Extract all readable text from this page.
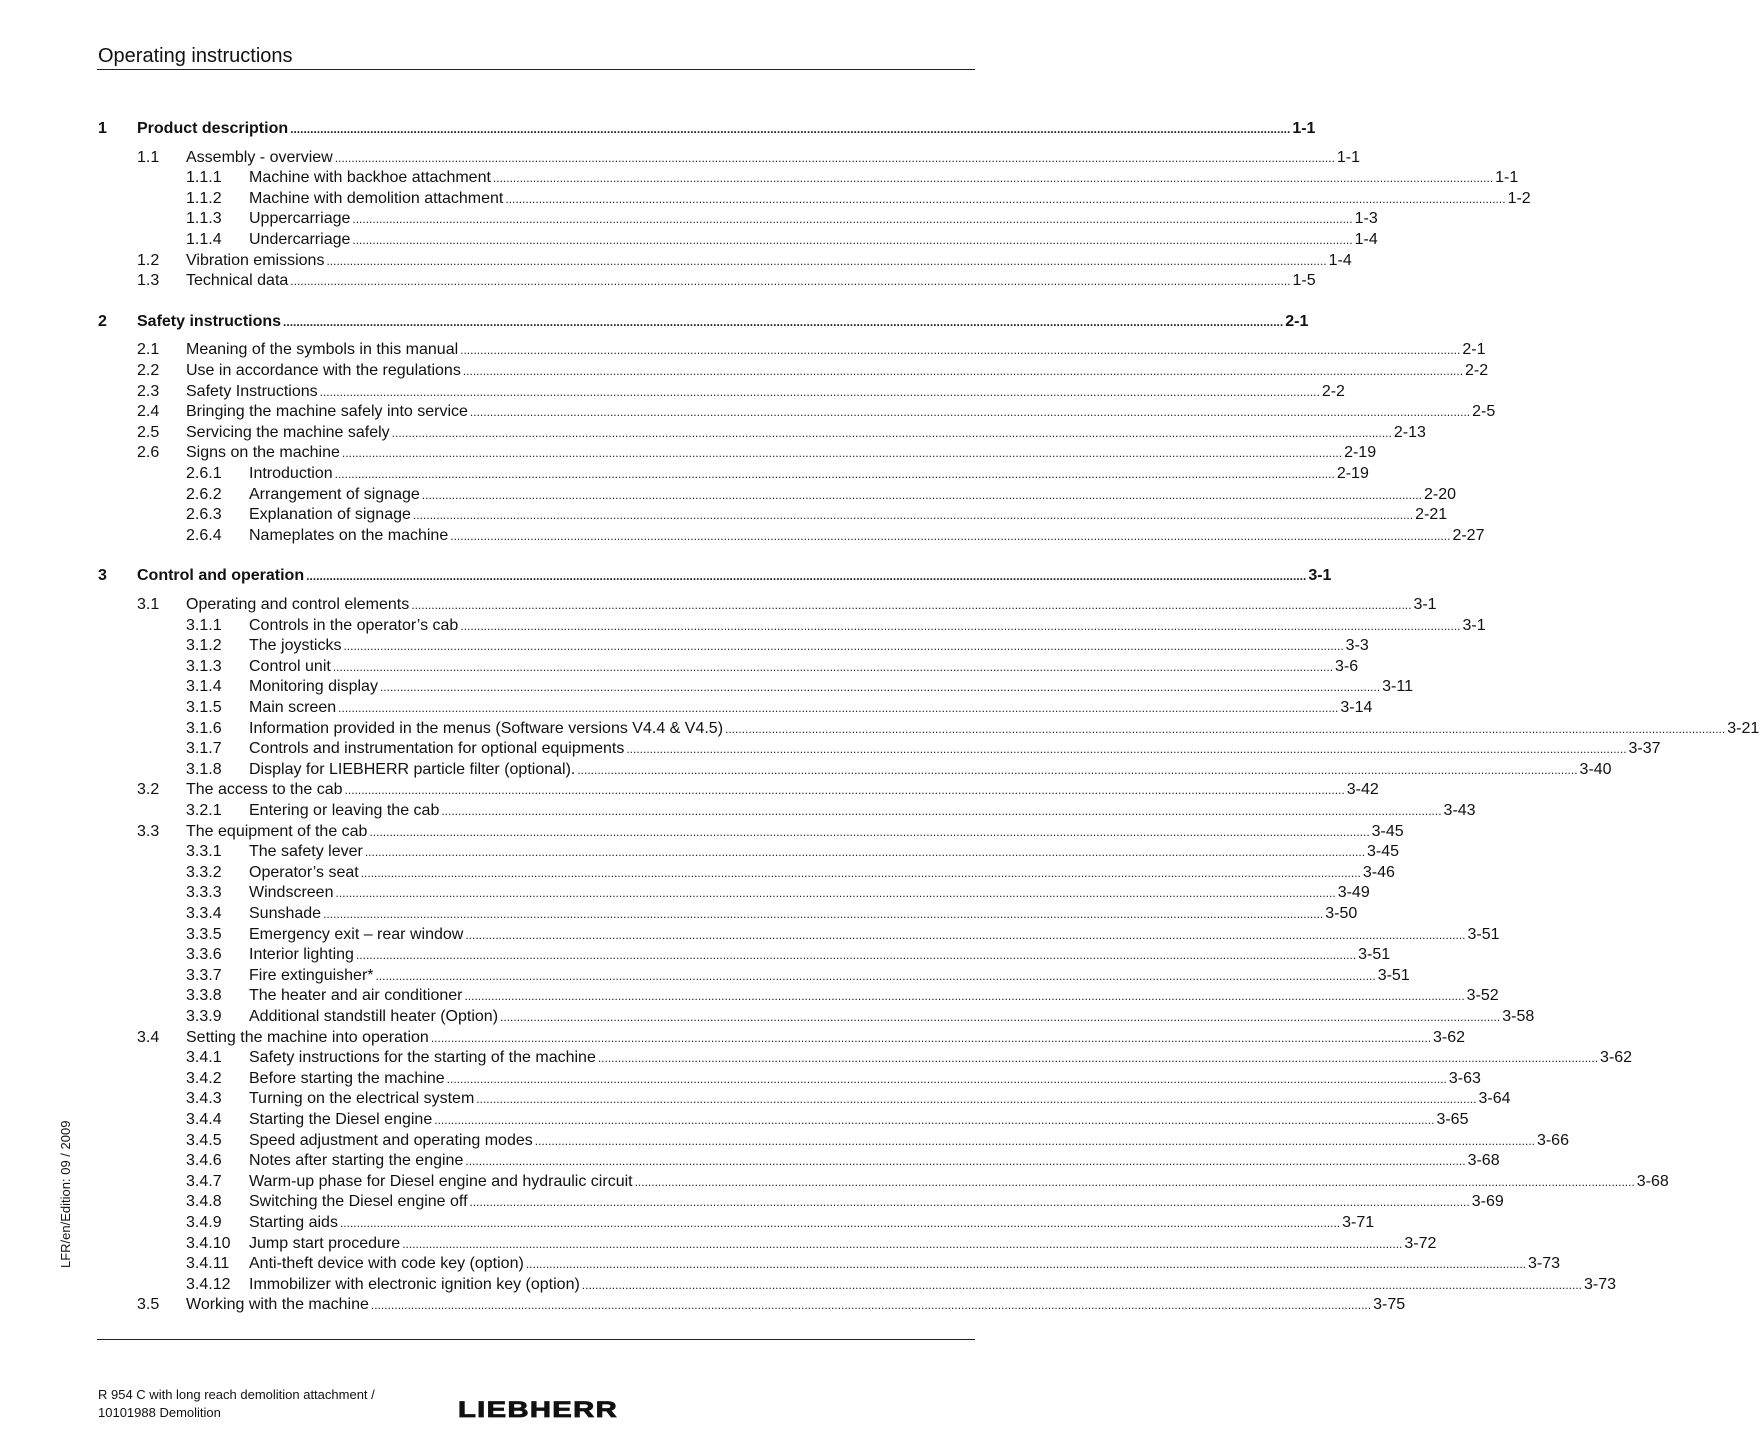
Operating instructions
1 Product description ............................................................................................................................................................................................................................................................................................................ 1-1
1.1 Assembly - overview ............................................................................................................................................................................................................................................................................................................ 1-1
1.1.1 Machine with backhoe attachment ............................................................................................................................................................................................................................................................................................................ 1-1
1.1.2 Machine with demolition attachment ............................................................................................................................................................................................................................................................................................................ 1-2
1.1.3 Uppercarriage ............................................................................................................................................................................................................................................................................................................ 1-3
1.1.4 Undercarriage ............................................................................................................................................................................................................................................................................................................ 1-4
1.2 Vibration emissions ............................................................................................................................................................................................................................................................................................................ 1-4
1.3 Technical data ............................................................................................................................................................................................................................................................................................................ 1-5
2 Safety instructions ............................................................................................................................................................................................................................................................................................................ 2-1
2.1 Meaning of the symbols in this manual ............................................................................................................................................................................................................................................................................................................ 2-1
2.2 Use in accordance with the regulations ............................................................................................................................................................................................................................................................................................................ 2-2
2.3 Safety Instructions ............................................................................................................................................................................................................................................................................................................ 2-2
2.4 Bringing the machine safely into service ............................................................................................................................................................................................................................................................................................................ 2-5
2.5 Servicing the machine safely ............................................................................................................................................................................................................................................................................................................ 2-13
2.6 Signs on the machine ............................................................................................................................................................................................................................................................................................................ 2-19
2.6.1 Introduction ............................................................................................................................................................................................................................................................................................................ 2-19
2.6.2 Arrangement of signage ............................................................................................................................................................................................................................................................................................................ 2-20
2.6.3 Explanation of signage ............................................................................................................................................................................................................................................................................................................ 2-21
2.6.4 Nameplates on the machine ............................................................................................................................................................................................................................................................................................................ 2-27
3 Control and operation ............................................................................................................................................................................................................................................................................................................ 3-1
3.1 Operating and control elements ............................................................................................................................................................................................................................................................................................................ 3-1
3.1.1 Controls in the operator’s cab ............................................................................................................................................................................................................................................................................................................ 3-1
3.1.2 The joysticks ............................................................................................................................................................................................................................................................................................................ 3-3
3.1.3 Control unit ............................................................................................................................................................................................................................................................................................................ 3-6
3.1.4 Monitoring display ............................................................................................................................................................................................................................................................................................................ 3-11
3.1.5 Main screen ............................................................................................................................................................................................................................................................................................................ 3-14
3.1.6 Information provided in the menus (Software versions V4.4 & V4.5) ............................................................................................................................................................................................................................................................................................................ 3-21
3.1.7 Controls and instrumentation for optional equipments ............................................................................................................................................................................................................................................................................................................ 3-37
3.1.8 Display for LIEBHERR particle filter (optional). ............................................................................................................................................................................................................................................................................................................ 3-40
3.2 The access to the cab ............................................................................................................................................................................................................................................................................................................ 3-42
3.2.1 Entering or leaving the cab ............................................................................................................................................................................................................................................................................................................ 3-43
3.3 The equipment of the cab ............................................................................................................................................................................................................................................................................................................ 3-45
3.3.1 The safety lever ............................................................................................................................................................................................................................................................................................................ 3-45
3.3.2 Operator’s seat ............................................................................................................................................................................................................................................................................................................ 3-46
3.3.3 Windscreen ............................................................................................................................................................................................................................................................................................................ 3-49
3.3.4 Sunshade ............................................................................................................................................................................................................................................................................................................ 3-50
3.3.5 Emergency exit – rear window ............................................................................................................................................................................................................................................................................................................ 3-51
3.3.6 Interior lighting ............................................................................................................................................................................................................................................................................................................ 3-51
3.3.7 Fire extinguisher* ............................................................................................................................................................................................................................................................................................................ 3-51
3.3.8 The heater and air conditioner ............................................................................................................................................................................................................................................................................................................ 3-52
3.3.9 Additional standstill heater (Option) ............................................................................................................................................................................................................................................................................................................ 3-58
3.4 Setting the machine into operation ............................................................................................................................................................................................................................................................................................................ 3-62
3.4.1 Safety instructions for the starting of the machine ............................................................................................................................................................................................................................................................................................................ 3-62
3.4.2 Before starting the machine ............................................................................................................................................................................................................................................................................................................ 3-63
3.4.3 Turning on the electrical system ............................................................................................................................................................................................................................................................................................................ 3-64
3.4.4 Starting the Diesel engine ............................................................................................................................................................................................................................................................................................................ 3-65
3.4.5 Speed adjustment and operating modes ............................................................................................................................................................................................................................................................................................................ 3-66
3.4.6 Notes after starting the engine ............................................................................................................................................................................................................................................................................................................ 3-68
3.4.7 Warm-up phase for Diesel engine and hydraulic circuit ............................................................................................................................................................................................................................................................................................................ 3-68
3.4.8 Switching the Diesel engine off ............................................................................................................................................................................................................................................................................................................ 3-69
3.4.9 Starting aids ............................................................................................................................................................................................................................................................................................................ 3-71
3.4.10 Jump start procedure ............................................................................................................................................................................................................................................................................................................ 3-72
3.4.11 Anti-theft device with code key (option) ............................................................................................................................................................................................................................................................................................................ 3-73
3.4.12 Immobilizer with electronic ignition key (option) ............................................................................................................................................................................................................................................................................................................ 3-73
3.5 Working with the machine ............................................................................................................................................................................................................................................................................................................ 3-75
R 954 C with long reach demolition attachment /
10101988 Demolition	LIEBHERR
LFR/en/Edition: 09 / 2009
